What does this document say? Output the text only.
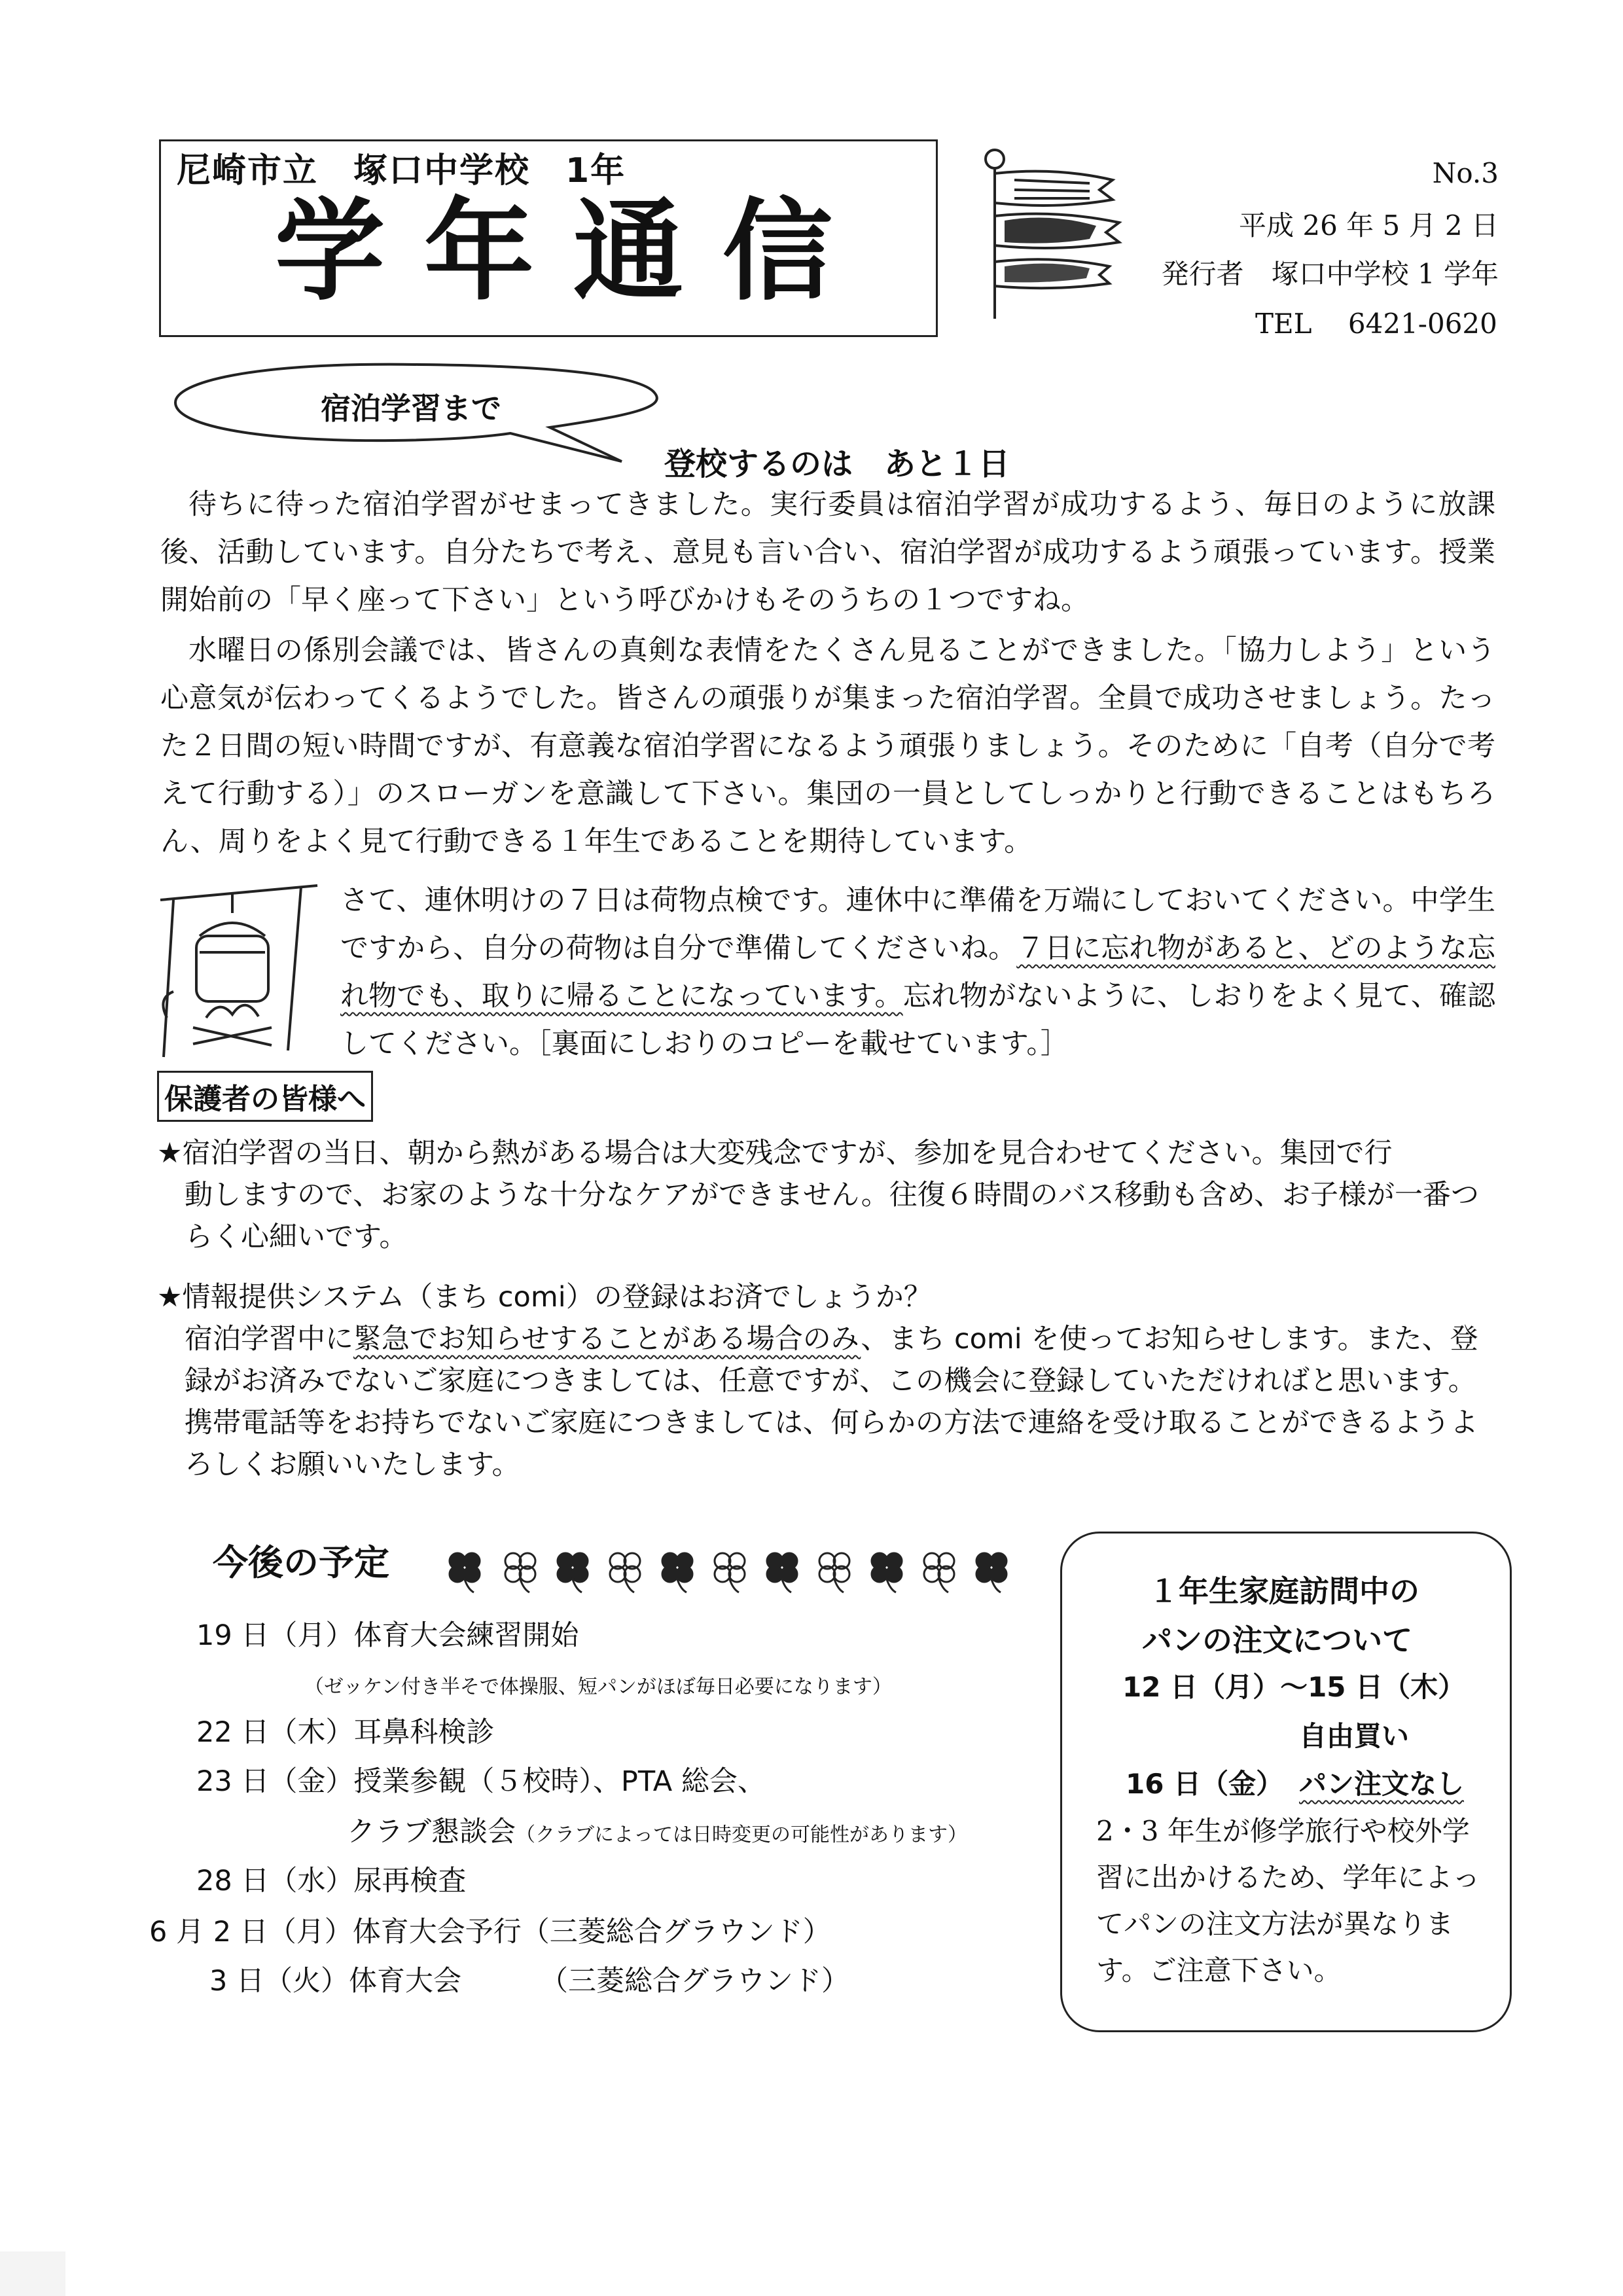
尼崎市立　塚口中学校　1年
学年通信
No.3
平成 26 年 5 月 2 日
発行者　塚口中学校 1 学年
TEL　 6421-0620
宿泊学習まで
登校するのは　あと１日
待ちに待った宿泊学習がせまってきました。実行委員は宿泊学習が成功するよう、毎日のように放課後、活動しています。自分たちで考え、意見も言い合い、宿泊学習が成功するよう頑張っています。授業開始前の「早く座って下さい」という呼びかけもそのうちの１つですね。
水曜日の係別会議では、皆さんの真剣な表情をたくさん見ることができました。「協力しよう」という心意気が伝わってくるようでした。皆さんの頑張りが集まった宿泊学習。全員で成功させましょう。たった２日間の短い時間ですが、有意義な宿泊学習になるよう頑張りましょう。そのために「自考（自分で考えて行動する）」のスローガンを意識して下さい。集団の一員としてしっかりと行動できることはもちろん、周りをよく見て行動できる１年生であることを期待しています。
さて、連休明けの７日は荷物点検です。連休中に準備を万端にしておいてください。中学生ですから、自分の荷物は自分で準備してくださいね。７日に忘れ物があると、どのような忘れ物でも、取りに帰ることになっています。忘れ物がないように、しおりをよく見て、確認してください。［裏面にしおりのコピーを載せています。］
保護者の皆様へ
★宿泊学習の当日、朝から熱がある場合は大変残念ですが、参加を見合わせてください。集団で行
動しますので、お家のような十分なケアができません。往復６時間のバス移動も含め、お子様が一番つらく心細いです。
★情報提供システム（まち comi）の登録はお済でしょうか？
宿泊学習中に緊急でお知らせすることがある場合のみ、まち comi を使ってお知らせします。また、登録がお済みでないご家庭につきましては、任意ですが、この機会に登録していただければと思います。携帯電話等をお持ちでないご家庭につきましては、何らかの方法で連絡を受け取ることができるようよろしくお願いいたします。
今後の予定
19 日（月）体育大会練習開始
（ゼッケン付き半そで体操服、短パンがほぼ毎日必要になります）
22 日（木）耳鼻科検診
23 日（金）授業参観（５校時）、PTA 総会、
クラブ懇談会（クラブによっては日時変更の可能性があります）
28 日（水）尿再検査
6 月 2 日（月）体育大会予行（三菱総合グラウンド）
3 日（火）体育大会	（三菱総合グラウンド）
１年生家庭訪問中の
パンの注文について
12 日（月）～15 日（木）
自由買い
16 日（金） パン注文なし
2・3 年生が修学旅行や校外学習に出かけるため、学年によってパンの注文方法が異なります。ご注意下さい。
